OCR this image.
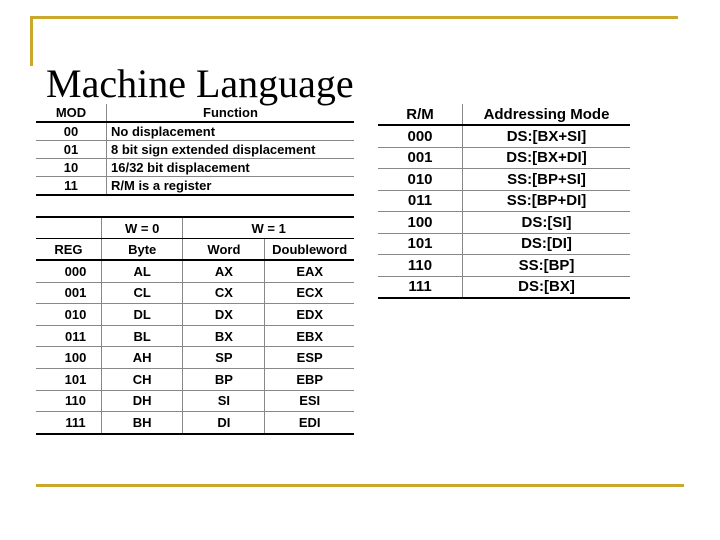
Machine Language
MOD	Function
00	No displacement
01	8 bit sign extended displacement
10	16/32 bit displacement
11	R/M is a register
	W = 0	W = 1	
REG	Byte	Word	Doubleword
000	AL	AX	EAX
001	CL	CX	ECX
010	DL	DX	EDX
011	BL	BX	EBX
100	AH	SP	ESP
101	CH	BP	EBP
110	DH	SI	ESI
111	BH	DI	EDI
R/M	Addressing Mode
000	DS:[BX+SI]
001	DS:[BX+DI]
010	SS:[BP+SI]
011	SS:[BP+DI]
100	DS:[SI]
101	DS:[DI]
110	SS:[BP]
111	DS:[BX]
